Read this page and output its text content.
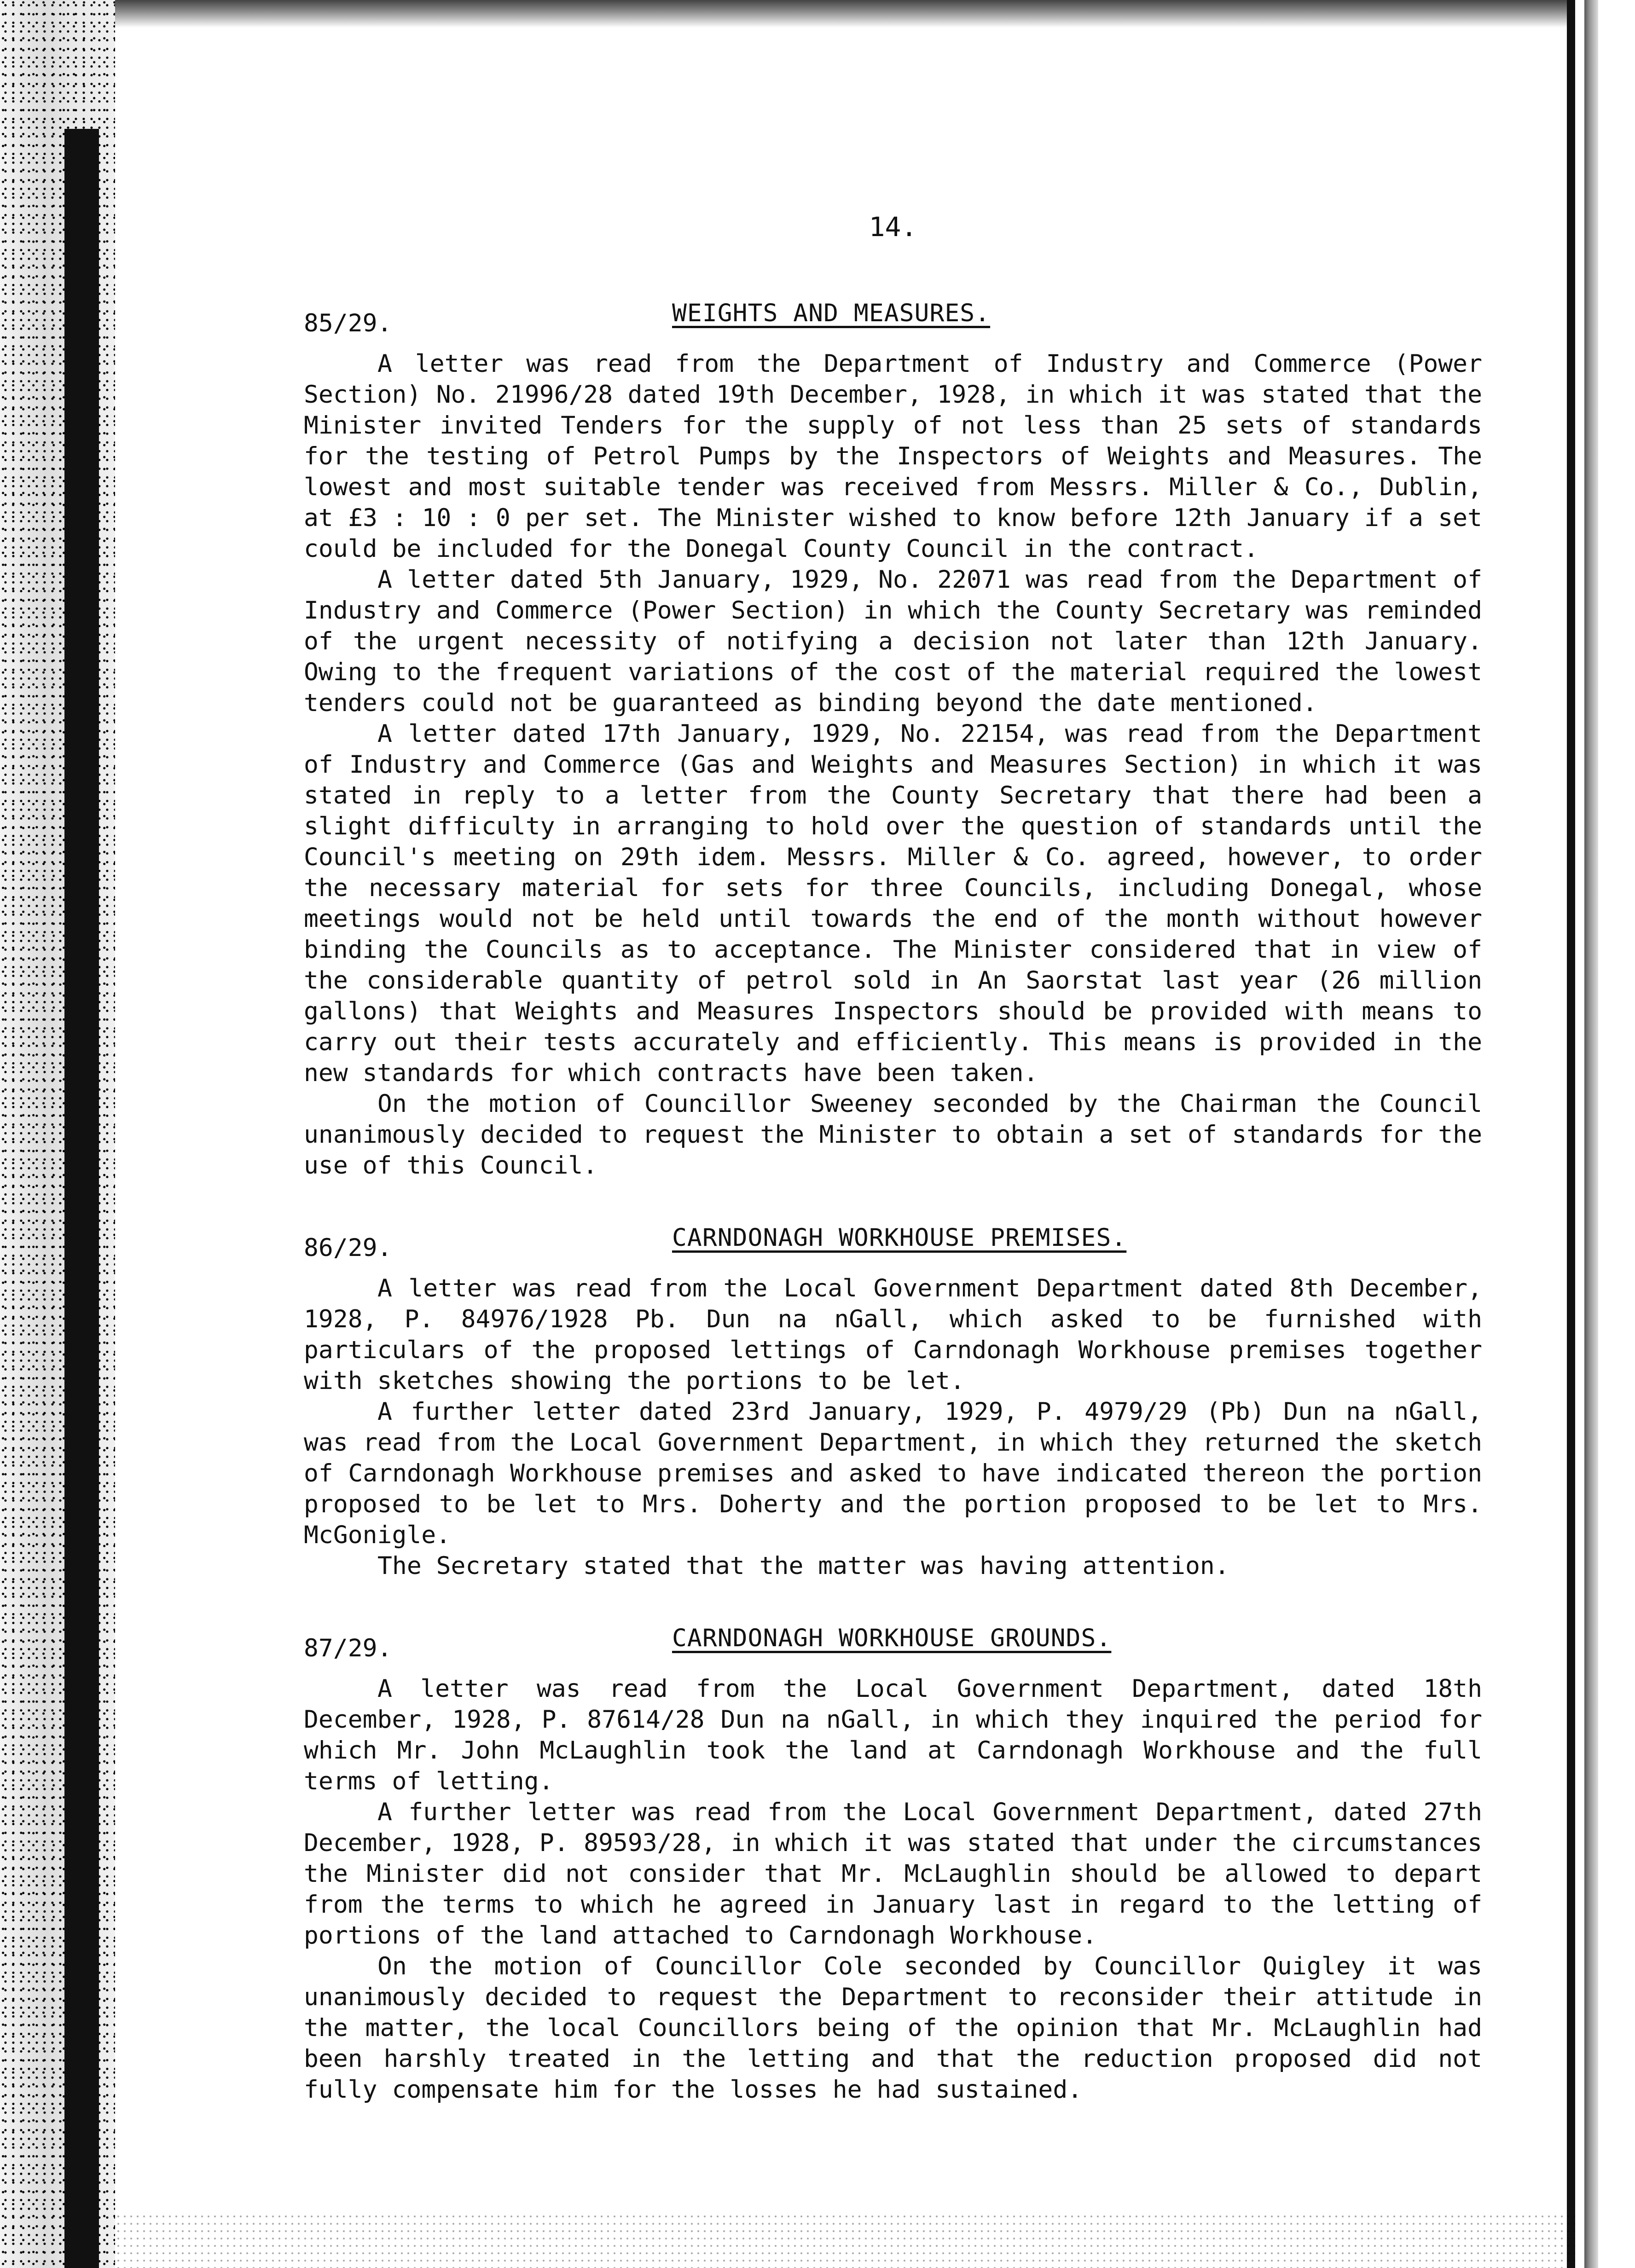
14.
85/29.	WEIGHTS AND MEASURES.

A letter was read from the Department of Industry and Commerce (Power Section) No. 21996/28 dated 19th December, 1928, in which it was stated that the Minister invited Tenders for the supply of not less than 25 sets of standards for the testing of Petrol Pumps by the Inspectors of Weights and Measures. The lowest and most suitable tender was received from Messrs. Miller & Co., Dublin, at £3 : 10 : 0 per set. The Minister wished to know before 12th January if a set could be included for the Donegal County Council in the contract.

A letter dated 5th January, 1929, No. 22071 was read from the Department of Industry and Commerce (Power Section) in which the County Secretary was reminded of the urgent necessity of notifying a decision not later than 12th January. Owing to the frequent variations of the cost of the material required the lowest tenders could not be guaranteed as binding beyond the date mentioned.

A letter dated 17th January, 1929, No. 22154, was read from the Department of Industry and Commerce (Gas and Weights and Measures Section) in which it was stated in reply to a letter from the County Secretary that there had been a slight difficulty in arranging to hold over the question of standards until the Council's meeting on 29th idem. Messrs. Miller & Co. agreed, however, to order the necessary material for sets for three Councils, including Donegal, whose meetings would not be held until towards the end of the month without however binding the Councils as to acceptance. The Minister considered that in view of the considerable quantity of petrol sold in An Saorstat last year (26 million gallons) that Weights and Measures Inspectors should be provided with means to carry out their tests accurately and efficiently. This means is provided in the new standards for which contracts have been taken.

On the motion of Councillor Sweeney seconded by the Chairman the Council unanimously decided to request the Minister to obtain a set of standards for the use of this Council.

86/29.	CARNDONAGH WORKHOUSE PREMISES.

A letter was read from the Local Government Department dated 8th December, 1928, P. 84976/1928 Pb. Dun na nGall, which asked to be furnished with particulars of the proposed lettings of Carndonagh Workhouse premises together with sketches showing the portions to be let.

A further letter dated 23rd January, 1929, P. 4979/29 (Pb) Dun na nGall, was read from the Local Government Department, in which they returned the sketch of Carndonagh Workhouse premises and asked to have indicated thereon the portion proposed to be let to Mrs. Doherty and the portion proposed to be let to Mrs. McGonigle.

The Secretary stated that the matter was having attention.

87/29.	CARNDONAGH WORKHOUSE GROUNDS.

A letter was read from the Local Government Department, dated 18th December, 1928, P. 87614/28 Dun na nGall, in which they inquired the period for which Mr. John McLaughlin took the land at Carndonagh Workhouse and the full terms of letting.

A further letter was read from the Local Government Department, dated 27th December, 1928, P. 89593/28, in which it was stated that under the circumstances the Minister did not consider that Mr. McLaughlin should be allowed to depart from the terms to which he agreed in January last in regard to the letting of portions of the land attached to Carndonagh Workhouse.

On the motion of Councillor Cole seconded by Councillor Quigley it was unanimously decided to request the Department to reconsider their attitude in the matter, the local Councillors being of the opinion that Mr. McLaughlin had been harshly treated in the letting and that the reduction proposed did not fully compensate him for the losses he had sustained.
